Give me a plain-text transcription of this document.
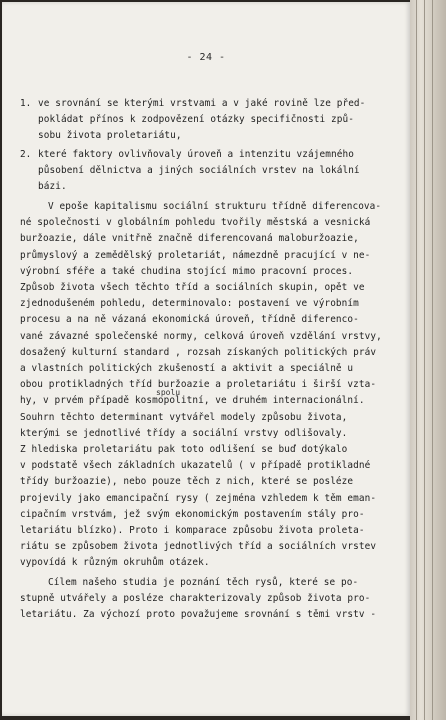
- 24 -
1. ve srovnání se kterými vrstvami a v jaké rovině lze před-
pokládat přínos k zodpovězení otázky specifičnosti způ-
sobu života proletariátu,
2. které faktory ovlivňovaly úroveň a intenzitu vzájemného
působení dělnictva a jiných sociálních vrstev na lokální
bázi.
V epoše kapitalismu sociální strukturu třídně diferencova-
né společnosti v globálním pohledu tvořily městská a vesnická
buržoazie, dále vnitřně značně diferencovaná maloburžoazie,
průmyslový a zemědělský proletariát, námezdně pracující v ne-
výrobní sféře a také chudina stojící mimo pracovní proces.
Způsob života všech těchto tříd a sociálních skupin, opět ve
zjednodušeném pohledu, determinovalo: postavení ve výrobním
procesu a na ně vázaná ekonomická úroveň, třídně diferenco-
vané závazné společenské normy, celková úroveň vzdělání vrstvy,
dosažený kulturní standard , rozsah získaných politických práv
a vlastních politických zkušeností a aktivit a speciálně u
obou protikladných tříd buržoazie a proletariátu i širší vzta-
hy, v prvém případě kosmopolitní, ve druhém internacionální.
Souhrn těchto determinant vytvářel modely způsobu života,
kterými se jednotlivé třídy a sociální vrstvy odlišovaly.
Z hlediska proletariátu pak toto odlišení se buď dotýkalo
v podstatě všech základních ukazatelů ( v případě protikladné
třídy buržoazie), nebo pouze těch z nich, které se posléze
projevily jako emancipační rysy ( zejména vzhledem k těm eman-
cipačním vrstvám, jež svým ekonomickým postavením stály pro-
letariátu blízko). Proto i komparace způsobu života proleta-
riátu se způsobem života jednotlivých tříd a sociálních vrstev
vypovídá k různým okruhům otázek.
spolu
Cílem našeho studia je poznání těch rysů, které se po-
stupně utvářely a posléze charakterizovaly způsob života pro-
letariátu. Za výchozí proto považujeme srovnání s těmi vrstv -
